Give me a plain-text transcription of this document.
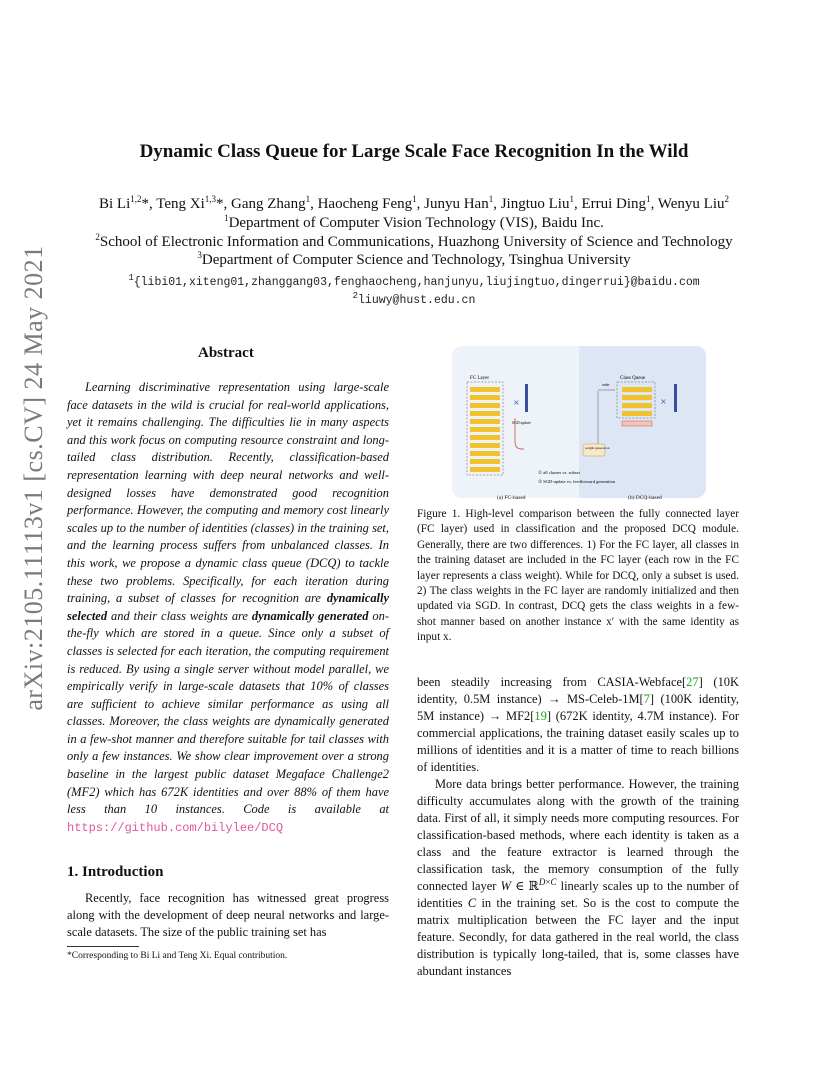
arXiv:2105.11113v1 [cs.CV] 24 May 2021
Dynamic Class Queue for Large Scale Face Recognition In the Wild
Bi Li$^{1,2}$*, Teng Xi$^{1,3}$*, Gang Zhang$^1$, Haocheng Feng$^1$, Junyu Han$^1$, Jingtuo Liu$^1$, Errui Ding$^1$, Wenyu Liu$^2$
$^1$Department of Computer Vision Technology (VIS), Baidu Inc.
$^2$School of Electronic Information and Communications, Huazhong University of Science and Technology
$^3$Department of Computer Science and Technology, Tsinghua University
$^1${libi01,xiteng01,zhanggang03,fenghaocheng,hanjunyu,liujingtuo,dingerrui}@baidu.com
$^2$liuwy@hust.edu.cn
Abstract
Learning discriminative representation using large-scale face datasets in the wild is crucial for real-world applications, yet it remains challenging. The difficulties lie in many aspects and this work focus on computing resource constraint and long-tailed class distribution. Recently, classification-based representation learning with deep neural networks and well-designed losses have demonstrated good recognition performance. However, the computing and memory cost linearly scales up to the number of identities (classes) in the training set, and the learning process suffers from unbalanced classes. In this work, we propose a dynamic class queue (DCQ) to tackle these two problems. Specifically, for each iteration during training, a subset of classes for recognition are dynamically selected and their class weights are dynamically generated on-the-fly which are stored in a queue. Since only a subset of classes is selected for each iteration, the computing requirement is reduced. By using a single server without model parallel, we empirically verify in large-scale datasets that 10% of classes are sufficient to achieve similar performance as using all classes. Moreover, the class weights are dynamically generated in a few-shot manner and therefore suitable for tail classes with only a few instances. We show clear improvement over a strong baseline in the largest public dataset Megaface Challenge2 (MF2) which has 672K identities and over 88% of them have less than 10 instances. Code is available at https://github.com/bilylee/DCQ
1. Introduction
Recently, face recognition has witnessed great progress along with the development of deep neural networks and large-scale datasets. The size of the public training set has
*Corresponding to Bi Li and Teng Xi. Equal contribution.
FC Layer
×
SGD update
Class Queue
order
×
weight generation
① all classes vs. subset
② SGD-update vs. feedforward generation
(a) FC-based	(b) DCQ-based
Figure 1. High-level comparison between the fully connected layer (FC layer) used in classification and the proposed DCQ module. Generally, there are two differences. 1) For the FC layer, all classes in the training dataset are included in the FC layer (each row in the FC layer represents a class weight). While for DCQ, only a subset is used. 2) The class weights in the FC layer are randomly initialized and then updated via SGD. In contrast, DCQ gets the class weights in a few-shot manner based on another instance x′ with the same identity as input x.

been steadily increasing from CASIA-Webface[27] (10K identity, 0.5M instance) → MS-Celeb-1M[7] (100K identity, 5M instance) → MF2[19] (672K identity, 4.7M instance). For commercial applications, the training dataset easily scales up to millions of identities and it is a matter of time to reach billions of identities.

More data brings better performance. However, the training difficulty accumulates along with the growth of the training data. First of all, it simply needs more computing resources. For classification-based methods, where each identity is taken as a class and the feature extractor is learned through the classification task, the memory consumption of the fully connected layer W ∈ ℝ$^{D\times C}$ linearly scales up to the number of identities C in the training set. So is the cost to compute the matrix multiplication between the FC layer and the input feature. Secondly, for data gathered in the real world, the class distribution is typically long-tailed, that is, some classes have abundant instances
